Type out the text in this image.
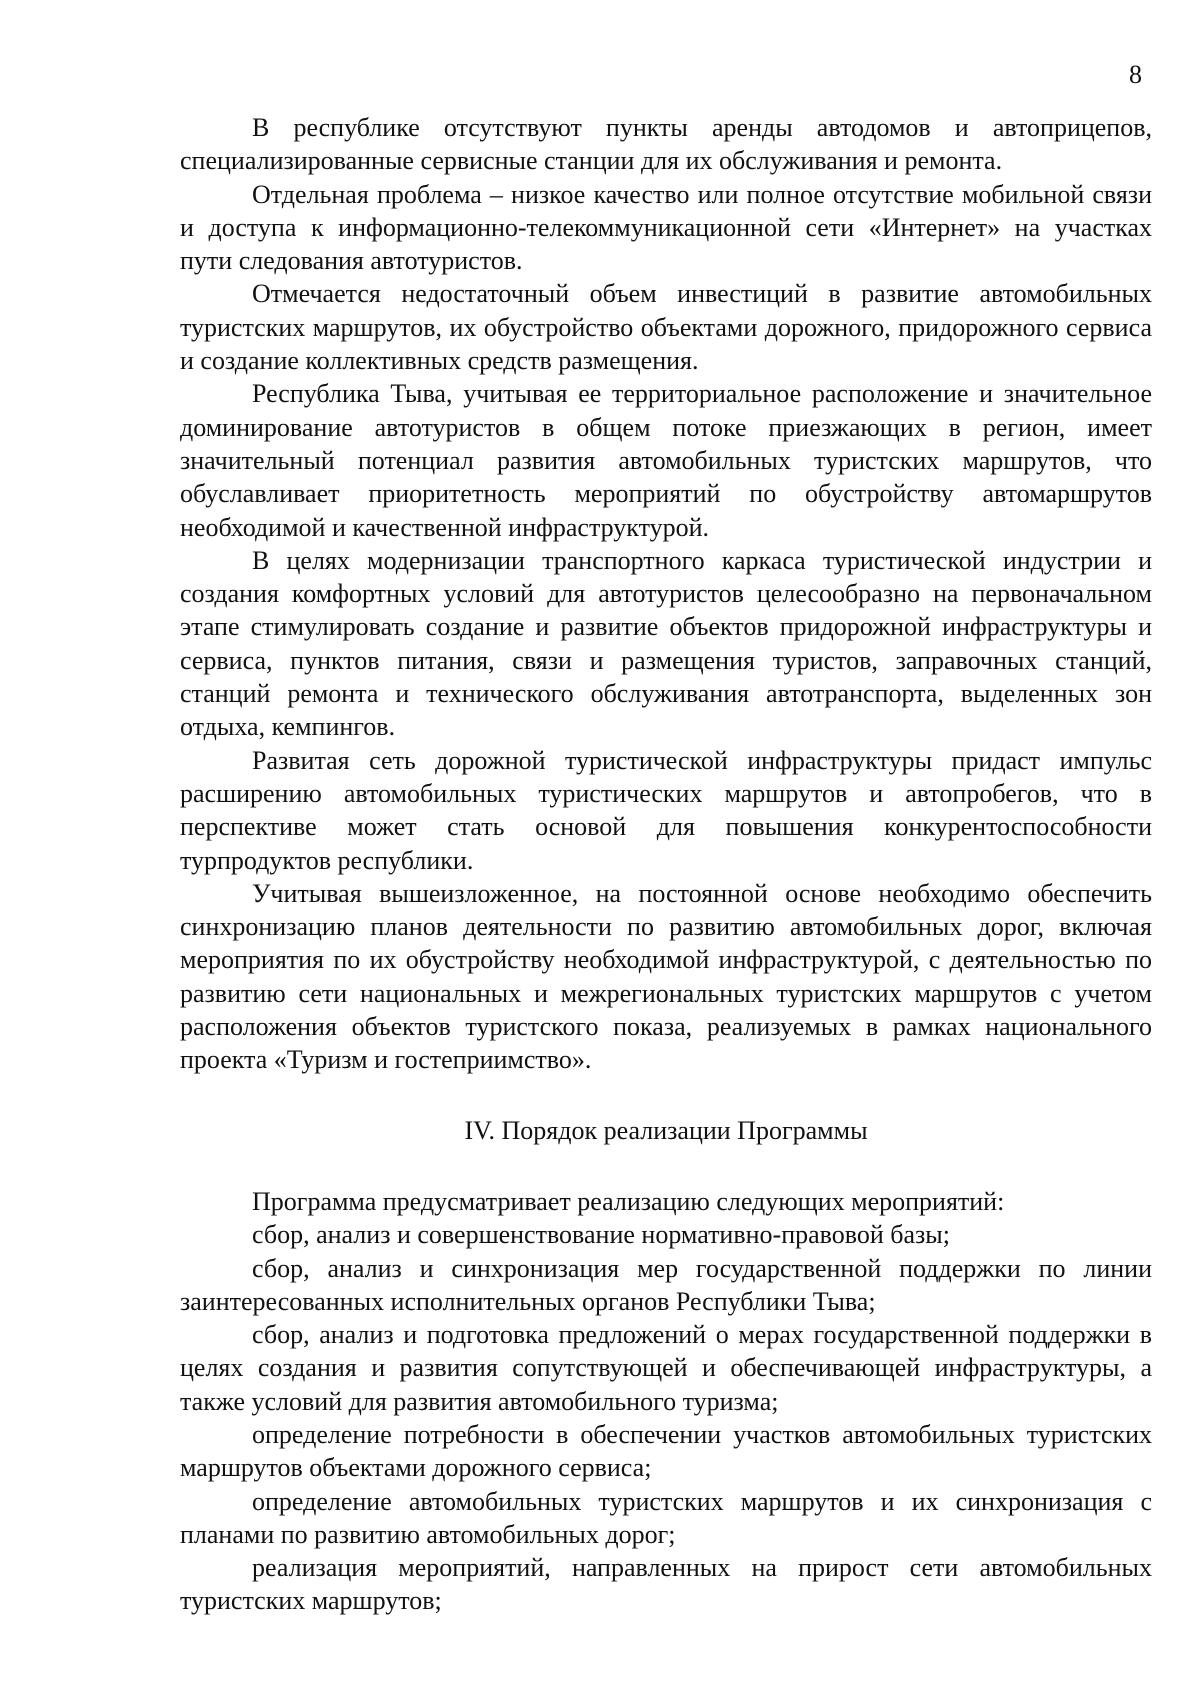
8

В республике отсутствуют пункты аренды автодомов и автоприцепов, специализированные сервисные станции для их обслуживания и ремонта.

Отдельная проблема – низкое качество или полное отсутствие мобильной связи и доступа к информационно-телекоммуникационной сети «Интернет» на участках пути следования автотуристов.

Отмечается недостаточный объем инвестиций в развитие автомобильных туристских маршрутов, их обустройство объектами дорожного, придорожного сервиса и создание коллективных средств размещения.

Республика Тыва, учитывая ее территориальное расположение и значительное доминирование автотуристов в общем потоке приезжающих в регион, имеет значительный потенциал развития автомобильных туристских маршрутов, что обуславливает приоритетность мероприятий по обустройству автомаршрутов необходимой и качественной инфраструктурой.

В целях модернизации транспортного каркаса туристической индустрии и создания комфортных условий для автотуристов целесообразно на первоначальном этапе стимулировать создание и развитие объектов придорожной инфраструктуры и сервиса, пунктов питания, связи и размещения туристов, заправочных станций, станций ремонта и технического обслуживания автотранспорта, выделенных зон отдыха, кемпингов.

Развитая сеть дорожной туристической инфраструктуры придаст импульс расширению автомобильных туристических маршрутов и автопробегов, что в перспективе может стать основой для повышения конкурентоспособности турпродуктов республики.

Учитывая вышеизложенное, на постоянной основе необходимо обеспечить синхронизацию планов деятельности по развитию автомобильных дорог, включая мероприятия по их обустройству необходимой инфраструктурой, с деятельностью по развитию сети национальных и межрегиональных туристских маршрутов с учетом расположения объектов туристского показа, реализуемых в рамках национального проекта «Туризм и гостеприимство».

IV. Порядок реализации Программы

Программа предусматривает реализацию следующих мероприятий:

сбор, анализ и совершенствование нормативно-правовой базы;

сбор, анализ и синхронизация мер государственной поддержки по линии заинтересованных исполнительных органов Республики Тыва;

сбор, анализ и подготовка предложений о мерах государственной поддержки в целях создания и развития сопутствующей и обеспечивающей инфраструктуры, а также условий для развития автомобильного туризма;

определение потребности в обеспечении участков автомобильных туристских маршрутов объектами дорожного сервиса;

определение автомобильных туристских маршрутов и их синхронизация с планами по развитию автомобильных дорог;

реализация мероприятий, направленных на прирост сети автомобильных туристских маршрутов;
